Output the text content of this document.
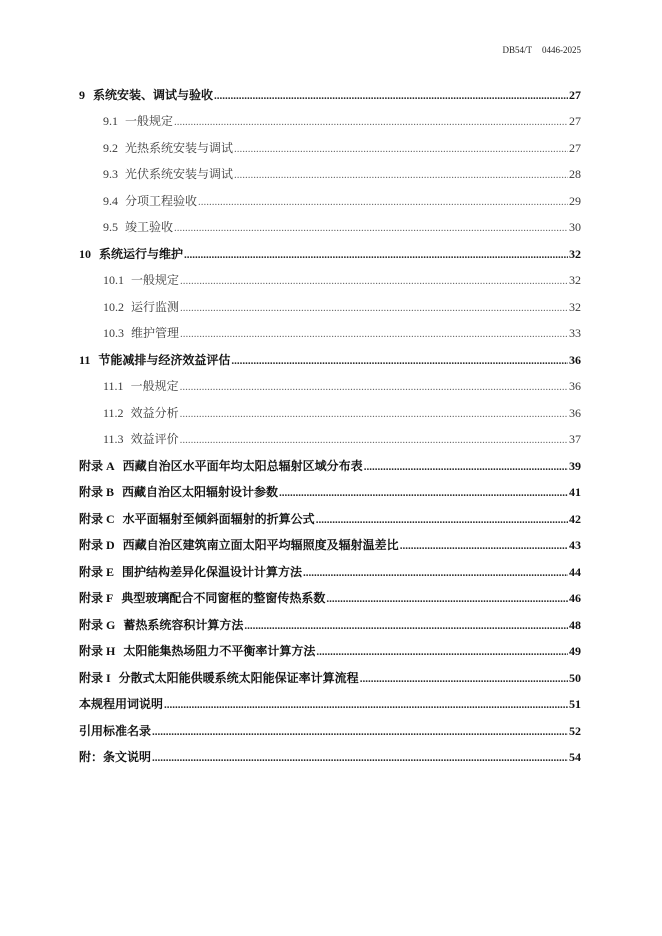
DB54/T 0446-2025
9 系统安装、调试与验收 .....	27
9.1 一般规定 .....	27
9.2 光热系统安装与调试 .....	27
9.3 光伏系统安装与调试 .....	28
9.4 分项工程验收 .....	29
9.5 竣工验收 .....	30
10 系统运行与维护 .....	32
10.1 一般规定 .....	32
10.2 运行监测 .....	32
10.3 维护管理 .....	33
11 节能减排与经济效益评估 .....	36
11.1 一般规定 .....	36
11.2 效益分析 .....	36
11.3 效益评价 .....	37
附录 A 西藏自治区水平面年均太阳总辐射区域分布表 .....	39
附录 B 西藏自治区太阳辐射设计参数 .....	41
附录 C 水平面辐射至倾斜面辐射的折算公式 .....	42
附录 D 西藏自治区建筑南立面太阳平均辐照度及辐射温差比 .....	43
附录 E 围护结构差异化保温设计计算方法 .....	44
附录 F 典型玻璃配合不同窗框的整窗传热系数 .....	46
附录 G 蓄热系统容积计算方法 .....	48
附录 H 太阳能集热场阻力不平衡率计算方法 .....	49
附录 I 分散式太阳能供暖系统太阳能保证率计算流程 .....	50
本规程用词说明 .....	51
引用标准名录 .....	52
附：条文说明 .....	54
